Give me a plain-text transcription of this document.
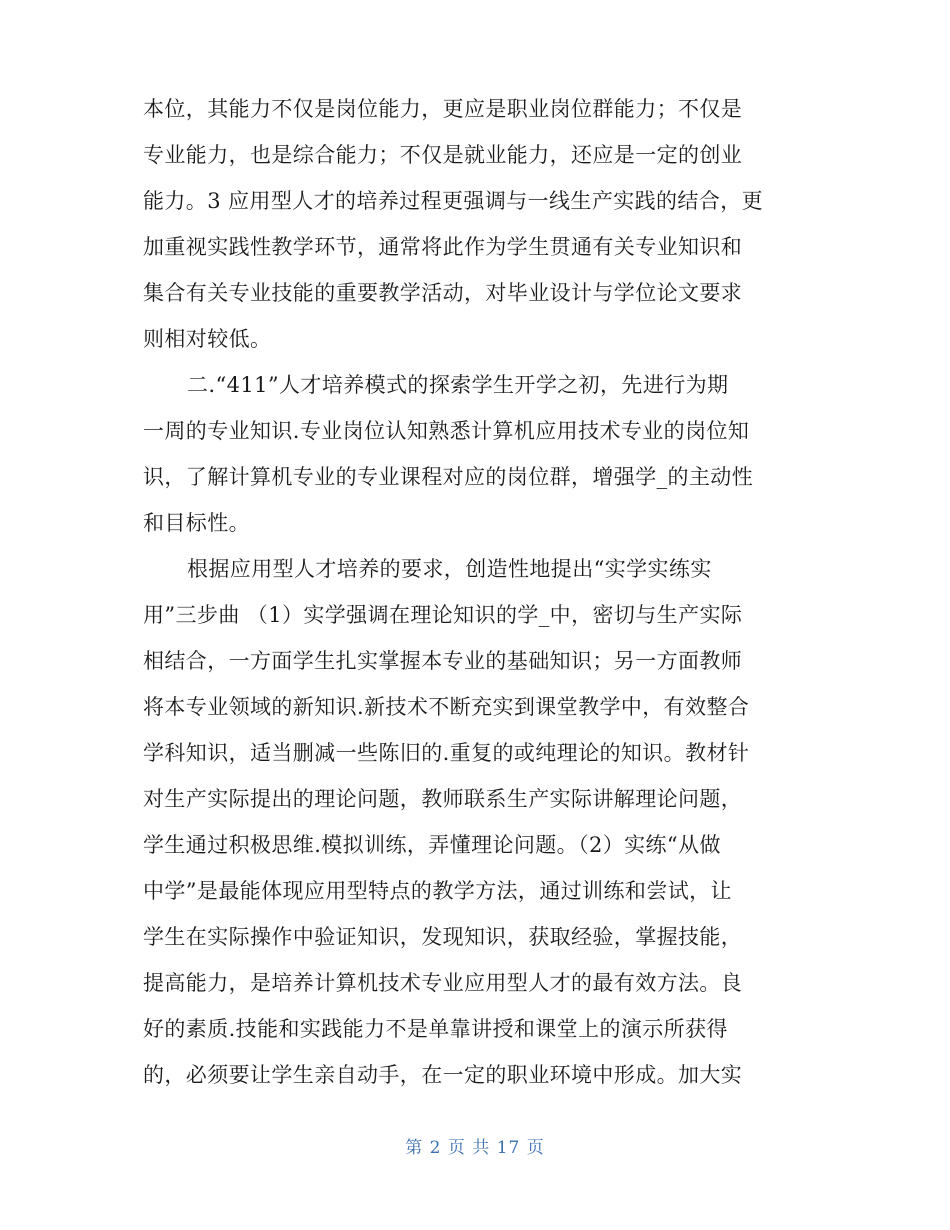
本位，其能力不仅是岗位能力，更应是职业岗位群能力；不仅是
专业能力，也是综合能力；不仅是就业能力，还应是一定的创业
能力。3 应用型人才的培养过程更强调与一线生产实践的结合，更
加重视实践性教学环节，通常将此作为学生贯通有关专业知识和
集合有关专业技能的重要教学活动，对毕业设计与学位论文要求
则相对较低。
二.“411”人才培养模式的探索学生开学之初，先进行为期
一周的专业知识.专业岗位认知熟悉计算机应用技术专业的岗位知
识，了解计算机专业的专业课程对应的岗位群，增强学_的主动性
和目标性。
根据应用型人才培养的要求，创造性地提出“实学实练实
用”三步曲 （1）实学强调在理论知识的学_中，密切与生产实际
相结合，一方面学生扎实掌握本专业的基础知识；另一方面教师
将本专业领域的新知识.新技术不断充实到课堂教学中，有效整合
学科知识，适当删减一些陈旧的.重复的或纯理论的知识。教材针
对生产实际提出的理论问题，教师联系生产实际讲解理论问题，
学生通过积极思维.模拟训练，弄懂理论问题。（2）实练“从做
中学”是最能体现应用型特点的教学方法，通过训练和尝试，让
学生在实际操作中验证知识，发现知识，获取经验，掌握技能，
提高能力，是培养计算机技术专业应用型人才的最有效方法。良
好的素质.技能和实践能力不是单靠讲授和课堂上的演示所获得
的，必须要让学生亲自动手，在一定的职业环境中形成。加大实
第 2 页 共 17 页
